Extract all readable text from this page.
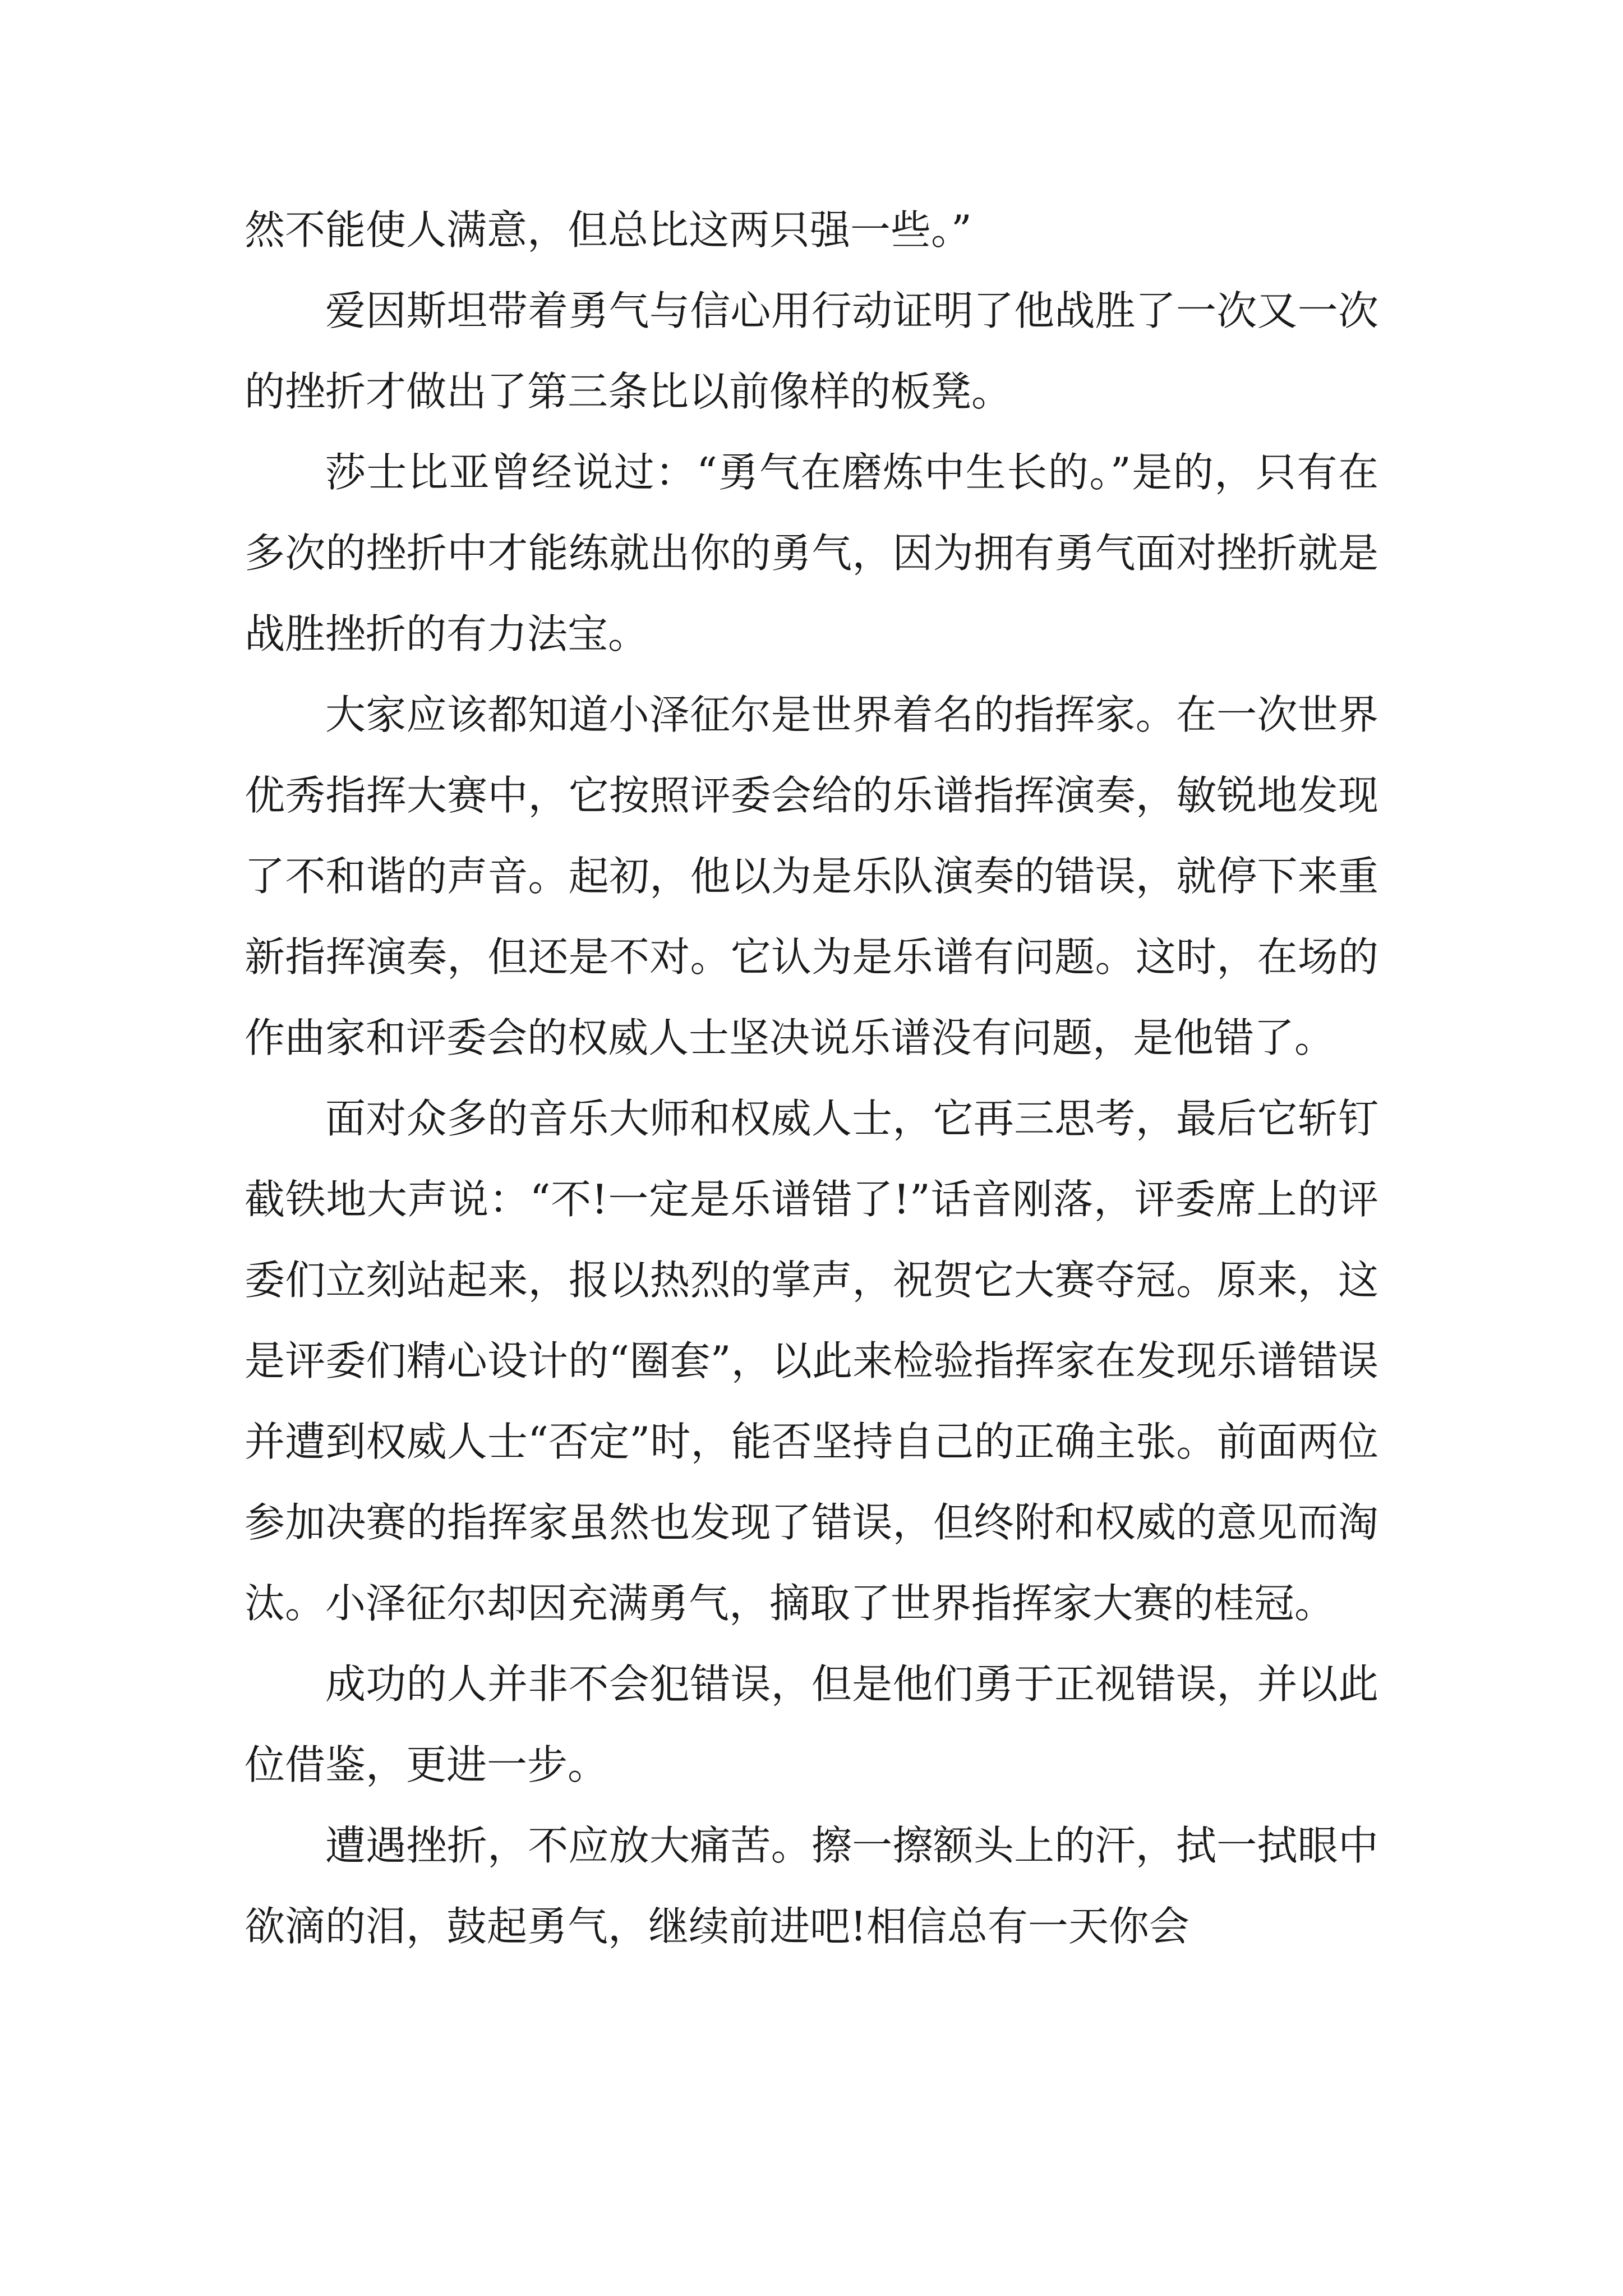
然不能使人满意，但总比这两只强一些。”

爱因斯坦带着勇气与信心用行动证明了他战胜了一次又一次的挫折才做出了第三条比以前像样的板凳。

莎士比亚曾经说过：“勇气在磨炼中生长的。”是的，只有在多次的挫折中才能练就出你的勇气，因为拥有勇气面对挫折就是战胜挫折的有力法宝。

大家应该都知道小泽征尔是世界着名的指挥家。在一次世界优秀指挥大赛中，它按照评委会给的乐谱指挥演奏，敏锐地发现了不和谐的声音。起初，他以为是乐队演奏的错误，就停下来重新指挥演奏，但还是不对。它认为是乐谱有问题。这时，在场的作曲家和评委会的权威人士坚决说乐谱没有问题，是他错了。

面对众多的音乐大师和权威人士，它再三思考，最后它斩钉截铁地大声说：“不!一定是乐谱错了!”话音刚落，评委席上的评委们立刻站起来，报以热烈的掌声，祝贺它大赛夺冠。原来，这是评委们精心设计的“圈套”，以此来检验指挥家在发现乐谱错误并遭到权威人士“否定”时，能否坚持自己的正确主张。前面两位参加决赛的指挥家虽然也发现了错误，但终附和权威的意见而淘汰。小泽征尔却因充满勇气，摘取了世界指挥家大赛的桂冠。

成功的人并非不会犯错误，但是他们勇于正视错误，并以此位借鉴，更进一步。

遭遇挫折，不应放大痛苦。擦一擦额头上的汗，拭一拭眼中欲滴的泪，鼓起勇气，继续前进吧!相信总有一天你会
